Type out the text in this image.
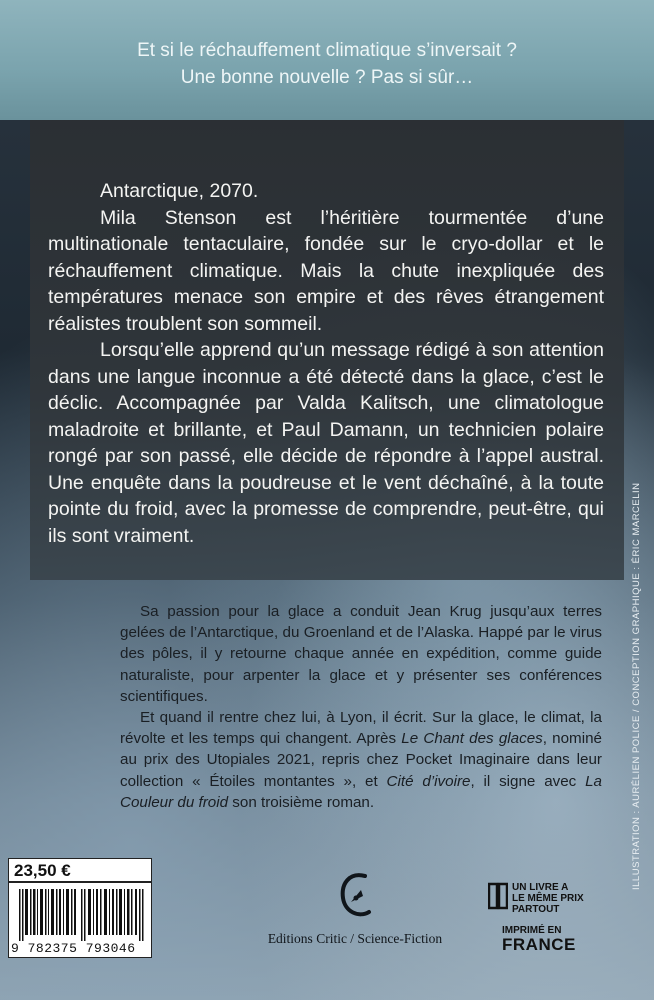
Et si le réchauffement climatique s’inversait ?
Une bonne nouvelle ? Pas si sûr…

Antarctique, 2070.

Mila Stenson est l’héritière tourmentée d’une multinationale tentaculaire, fondée sur le cryo-dollar et le réchauffement climatique. Mais la chute inexpliquée des températures menace son empire et des rêves étrangement réalistes troublent son sommeil.

Lorsqu’elle apprend qu’un message rédigé à son attention dans une langue inconnue a été détecté dans la glace, c’est le déclic. Accompagnée par Valda Kalitsch, une climatologue maladroite et brillante, et Paul Damann, un technicien polaire rongé par son passé, elle décide de répondre à l’appel austral. Une enquête dans la poudreuse et le vent déchaîné, à la toute pointe du froid, avec la promesse de comprendre, peut-être, qui ils sont vraiment.

Sa passion pour la glace a conduit Jean Krug jusqu’aux terres gelées de l’Antarctique, du Groenland et de l’Alaska. Happé par le virus des pôles, il y retourne chaque année en expédition, comme guide naturaliste, pour arpenter la glace et y présenter ses conférences scientifiques.

Et quand il rentre chez lui, à Lyon, il écrit. Sur la glace, le climat, la révolte et les temps qui changent. Après Le Chant des glaces, nominé au prix des Utopiales 2021, repris chez Pocket Imaginaire dans leur collection « Étoiles montantes », et Cité d’ivoire, il signe avec La Couleur du froid son troisième roman.	ILLUSTRATION : AURÉLIEN POLICE / CONCEPTION GRAPHIQUE : ÉRIC MARCELIN
23,50 €
9 782375 793046
Editions Critic / Science-Fiction
UN LIVRE A
LE MÊME PRIX
PARTOUT
IMPRIMÉ EN
FRANCE
